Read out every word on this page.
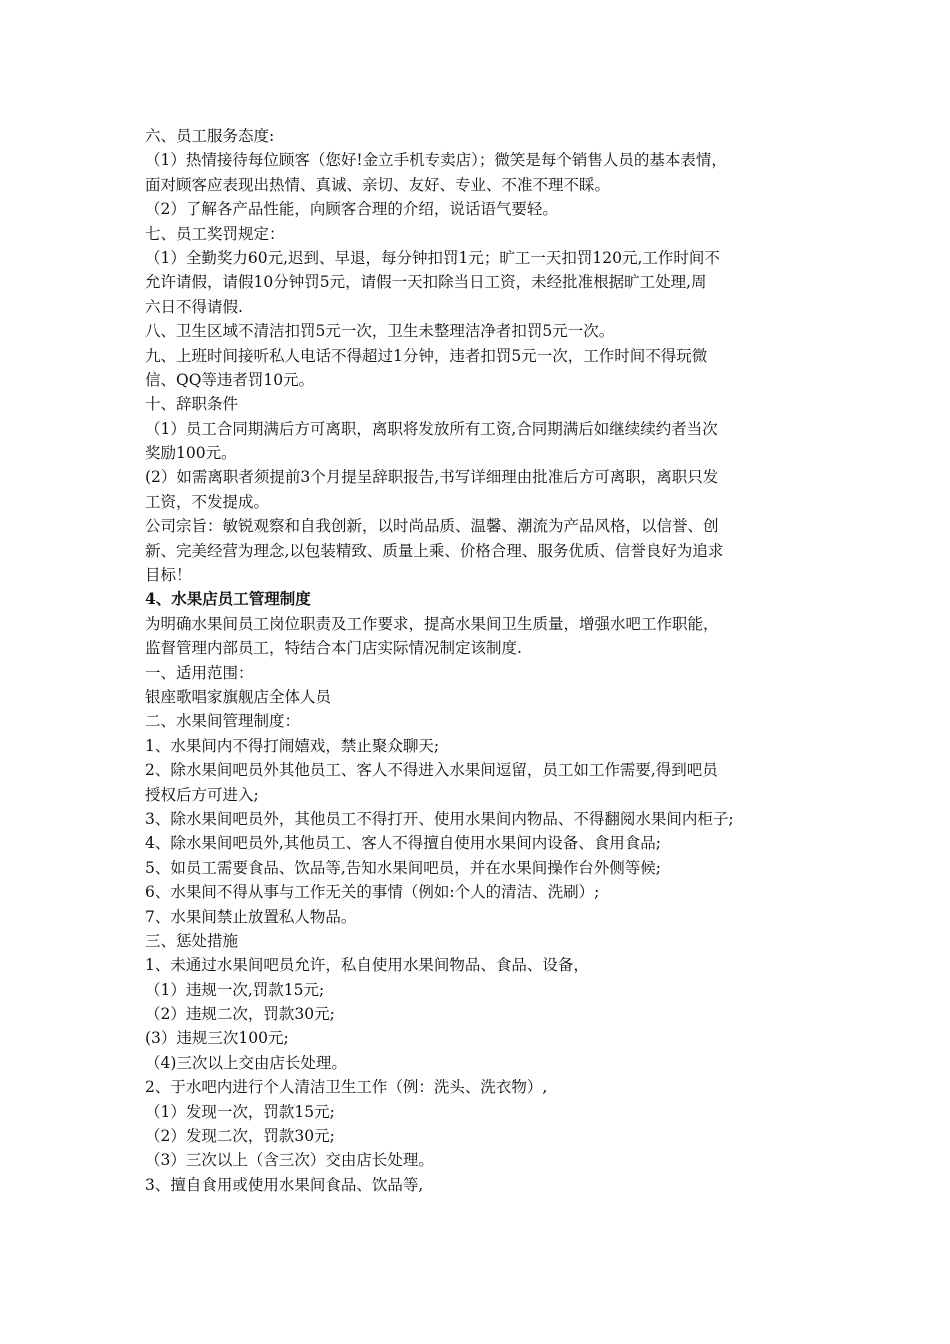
六、员工服务态度:
（1）热情接待每位顾客（您好!金立手机专卖店）；微笑是每个销售人员的基本表情，
面对顾客应表现出热情、真诚、亲切、友好、专业、不准不理不睬。
（2）了解各产品性能，向顾客合理的介绍，说话语气要轻。
七、员工奖罚规定：
（1）全勤奖力60元,迟到、早退，每分钟扣罚1元；旷工一天扣罚120元,工作时间不
允许请假，请假10分钟罚5元，请假一天扣除当日工资，未经批准根据旷工处理,周
六日不得请假.
八、卫生区域不清洁扣罚5元一次，卫生未整理洁净者扣罚5元一次。
九、上班时间接听私人电话不得超过1分钟，违者扣罚5元一次，工作时间不得玩微
信、QQ等违者罚10元。
十、辞职条件
（1）员工合同期满后方可离职，离职将发放所有工资,合同期满后如继续续约者当次
奖励100元。
(2）如需离职者须提前3个月提呈辞职报告,书写详细理由批准后方可离职，离职只发
工资，不发提成。
公司宗旨：敏锐观察和自我创新，以时尚品质、温馨、潮流为产品风格，以信誉、创
新、完美经营为理念,以包装精致、质量上乘、价格合理、服务优质、信誉良好为追求
目标！
4、水果店员工管理制度
为明确水果间员工岗位职责及工作要求，提高水果间卫生质量，增强水吧工作职能，
监督管理内部员工，特结合本门店实际情况制定该制度.
一、适用范围：
银座歌唱家旗舰店全体人员
二、水果间管理制度：
1、水果间内不得打闹嬉戏，禁止聚众聊天;
2、除水果间吧员外其他员工、客人不得进入水果间逗留，员工如工作需要,得到吧员
授权后方可进入;
3、除水果间吧员外，其他员工不得打开、使用水果间内物品、不得翻阅水果间内柜子;
4、除水果间吧员外,其他员工、客人不得擅自使用水果间内设备、食用食品;
5、如员工需要食品、饮品等,告知水果间吧员，并在水果间操作台外侧等候;
6、水果间不得从事与工作无关的事情（例如:个人的清洁、洗刷）;
7、水果间禁止放置私人物品。
三、惩处措施
1、未通过水果间吧员允许，私自使用水果间物品、食品、设备，
（1）违规一次,罚款15元;
（2）违规二次，罚款30元;
(3）违规三次100元;
（4)三次以上交由店长处理。
2、于水吧内进行个人清洁卫生工作（例：洗头、洗衣物）,
（1）发现一次，罚款15元;
（2）发现二次，罚款30元;
（3）三次以上（含三次）交由店长处理。
3、擅自食用或使用水果间食品、饮品等,
